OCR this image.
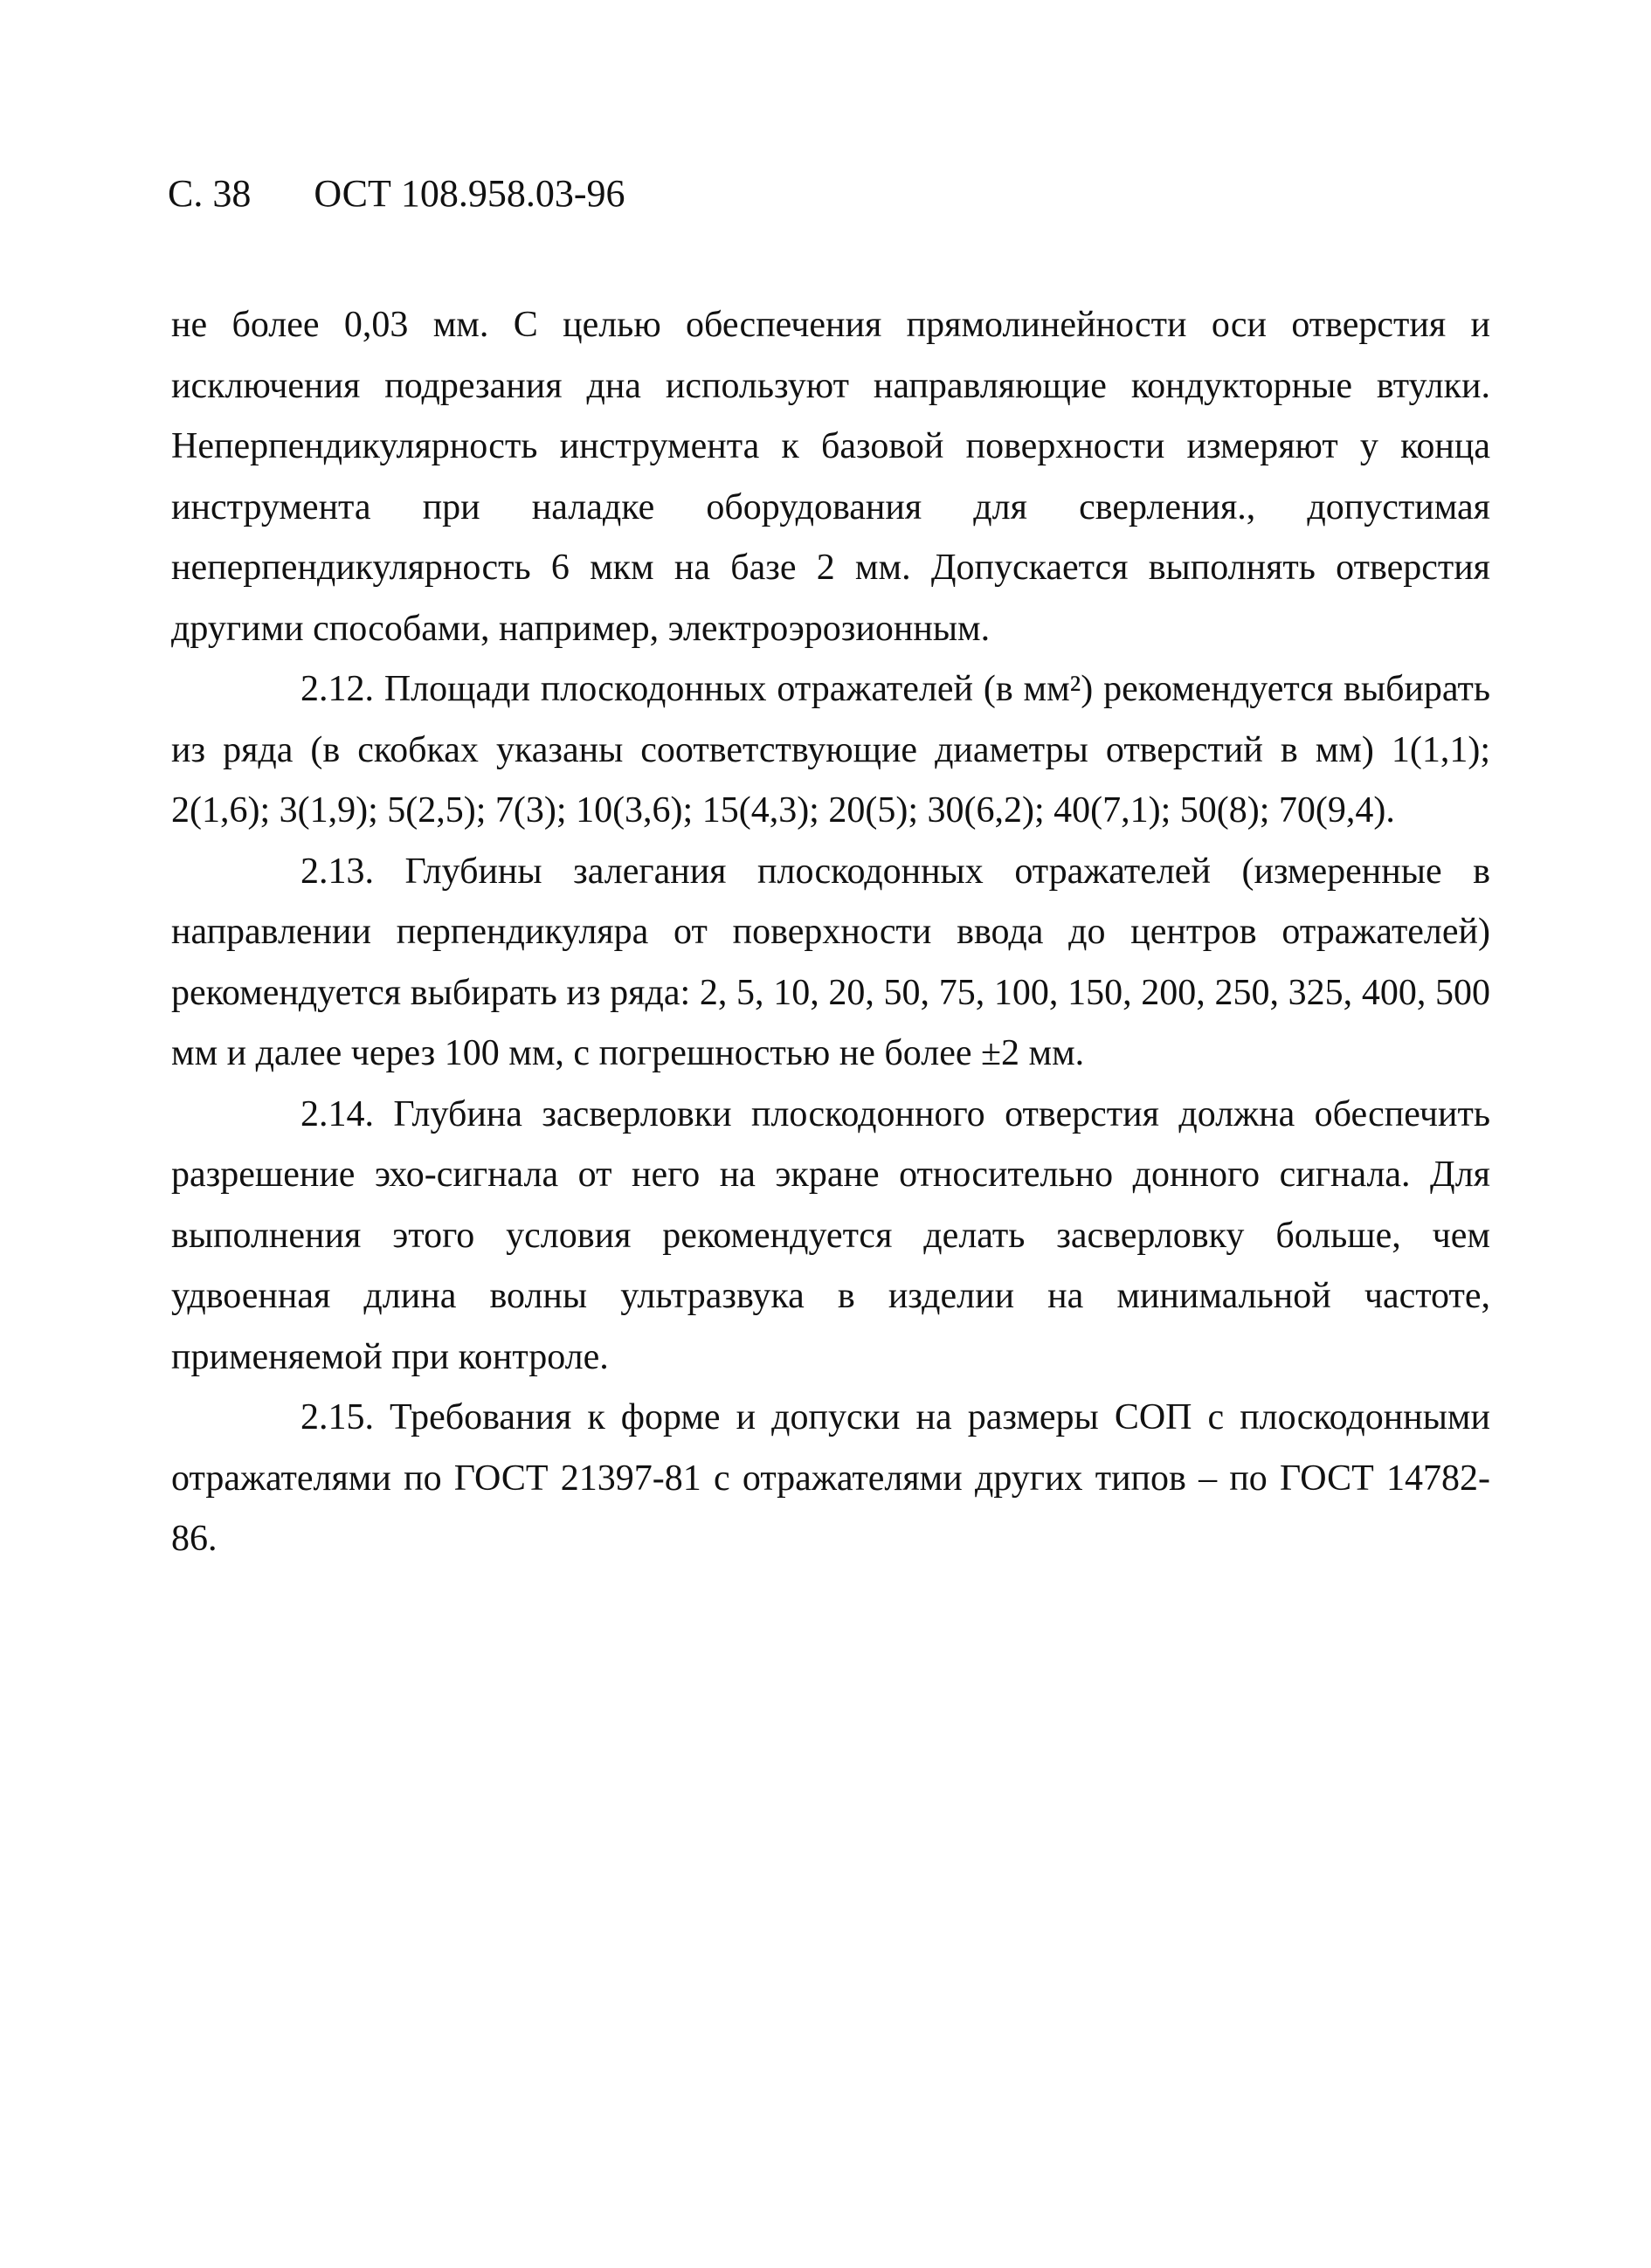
С. 38 ОСТ 108.958.03-96

не более 0,03 мм. С целью обеспечения прямолинейности оси отверстия и исключения подрезания дна используют направляющие кондукторные втулки. Неперпендикулярность инструмента к базовой поверхности измеряют у конца инструмента при наладке оборудования для сверления., допустимая неперпендикулярность 6 мкм на базе 2 мм. Допускается выполнять отверстия другими способами, например, электроэрозионным.

2.12. Площади плоскодонных отражателей (в мм²) рекомендуется выбирать из ряда (в скобках указаны соответствующие диаметры отверстий в мм) 1(1,1); 2(1,6); 3(1,9); 5(2,5); 7(3); 10(3,6); 15(4,3); 20(5); 30(6,2); 40(7,1); 50(8); 70(9,4).

2.13. Глубины залегания плоскодонных отражателей (измеренные в направлении перпендикуляра от поверхности ввода до центров отражателей) рекомендуется выбирать из ряда: 2, 5, 10, 20, 50, 75, 100, 150, 200, 250, 325, 400, 500 мм и далее через 100 мм, с погрешностью не более ±2 мм.

2.14. Глубина засверловки плоскодонного отверстия должна обеспечить разрешение эхо-сигнала от него на экране относительно донного сигнала. Для выполнения этого условия рекомендуется делать засверловку больше, чем удвоенная длина волны ультразвука в изделии на минимальной частоте, применяемой при контроле.

2.15. Требования к форме и допуски на размеры СОП с плоскодонными отражателями по ГОСТ 21397-81 с отражателями других типов – по ГОСТ 14782-86.
